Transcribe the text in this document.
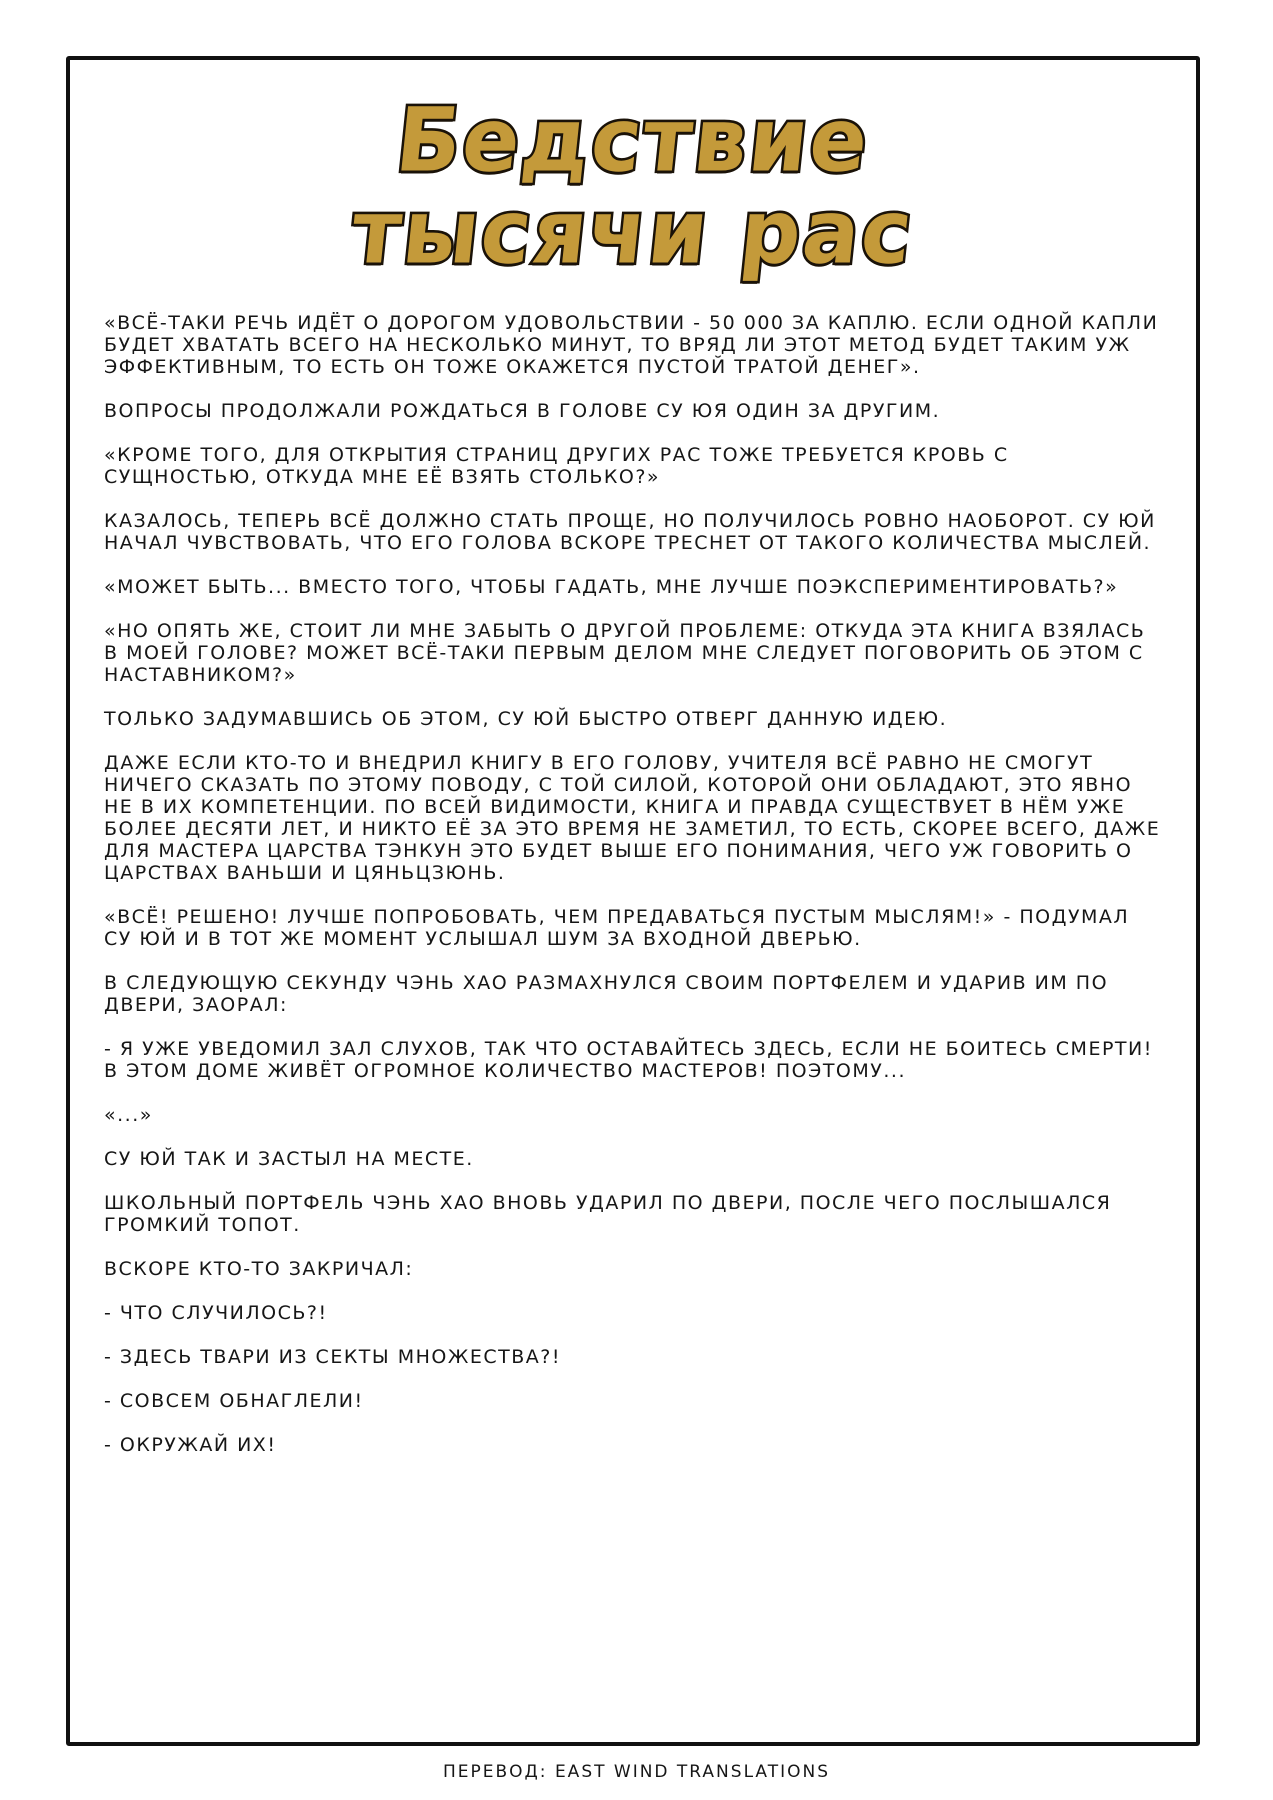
Бедствие
тысячи рас

«ВСЁ-ТАКИ РЕЧЬ ИДЁТ О ДОРОГОМ УДОВОЛЬСТВИИ - 50 000 ЗА КАПЛЮ. ЕСЛИ ОДНОЙ КАПЛИ БУДЕТ ХВАТАТЬ ВСЕГО НА НЕСКОЛЬКО МИНУТ, ТО ВРЯД ЛИ ЭТОТ МЕТОД БУДЕТ ТАКИМ УЖ ЭФФЕКТИВНЫМ, ТО ЕСТЬ ОН ТОЖЕ ОКАЖЕТСЯ ПУСТОЙ ТРАТОЙ ДЕНЕГ».

ВОПРОСЫ ПРОДОЛЖАЛИ РОЖДАТЬСЯ В ГОЛОВЕ СУ ЮЯ ОДИН ЗА ДРУГИМ.

«КРОМЕ ТОГО, ДЛЯ ОТКРЫТИЯ СТРАНИЦ ДРУГИХ РАС ТОЖЕ ТРЕБУЕТСЯ КРОВЬ С СУЩНОСТЬЮ, ОТКУДА МНЕ ЕЁ ВЗЯТЬ СТОЛЬКО?»

КАЗАЛОСЬ, ТЕПЕРЬ ВСЁ ДОЛЖНО СТАТЬ ПРОЩЕ, НО ПОЛУЧИЛОСЬ РОВНО НАОБОРОТ. СУ ЮЙ НАЧАЛ ЧУВСТВОВАТЬ, ЧТО ЕГО ГОЛОВА ВСКОРЕ ТРЕСНЕТ ОТ ТАКОГО КОЛИЧЕСТВА МЫСЛЕЙ.

«МОЖЕТ БЫТЬ... ВМЕСТО ТОГО, ЧТОБЫ ГАДАТЬ, МНЕ ЛУЧШЕ ПОЭКСПЕРИМЕНТИРОВАТЬ?»

«НО ОПЯТЬ ЖЕ, СТОИТ ЛИ МНЕ ЗАБЫТЬ О ДРУГОЙ ПРОБЛЕМЕ: ОТКУДА ЭТА КНИГА ВЗЯЛАСЬ В МОЕЙ ГОЛОВЕ? МОЖЕТ ВСЁ-ТАКИ ПЕРВЫМ ДЕЛОМ МНЕ СЛЕДУЕТ ПОГОВОРИТЬ ОБ ЭТОМ С НАСТАВНИКОМ?»

ТОЛЬКО ЗАДУМАВШИСЬ ОБ ЭТОМ, СУ ЮЙ БЫСТРО ОТВЕРГ ДАННУЮ ИДЕЮ.

ДАЖЕ ЕСЛИ КТО-ТО И ВНЕДРИЛ КНИГУ В ЕГО ГОЛОВУ, УЧИТЕЛЯ ВСЁ РАВНО НЕ СМОГУТ НИЧЕГО СКАЗАТЬ ПО ЭТОМУ ПОВОДУ, С ТОЙ СИЛОЙ, КОТОРОЙ ОНИ ОБЛАДАЮТ, ЭТО ЯВНО НЕ В ИХ КОМПЕТЕНЦИИ. ПО ВСЕЙ ВИДИМОСТИ, КНИГА И ПРАВДА СУЩЕСТВУЕТ В НЁМ УЖЕ БОЛЕЕ ДЕСЯТИ ЛЕТ, И НИКТО ЕЁ ЗА ЭТО ВРЕМЯ НЕ ЗАМЕТИЛ, ТО ЕСТЬ, СКОРЕЕ ВСЕГО, ДАЖЕ ДЛЯ МАСТЕРА ЦАРСТВА ТЭНКУН ЭТО БУДЕТ ВЫШЕ ЕГО ПОНИМАНИЯ, ЧЕГО УЖ ГОВОРИТЬ О ЦАРСТВАХ ВАНЬШИ И ЦЯНЬЦЗЮНЬ.

«ВСЁ! РЕШЕНО! ЛУЧШЕ ПОПРОБОВАТЬ, ЧЕМ ПРЕДАВАТЬСЯ ПУСТЫМ МЫСЛЯМ!» - ПОДУМАЛ СУ ЮЙ И В ТОТ ЖЕ МОМЕНТ УСЛЫШАЛ ШУМ ЗА ВХОДНОЙ ДВЕРЬЮ.

В СЛЕДУЮЩУЮ СЕКУНДУ ЧЭНЬ ХАО РАЗМАХНУЛСЯ СВОИМ ПОРТФЕЛЕМ И УДАРИВ ИМ ПО ДВЕРИ, ЗАОРАЛ:

- Я УЖЕ УВЕДОМИЛ ЗАЛ СЛУХОВ, ТАК ЧТО ОСТАВАЙТЕСЬ ЗДЕСЬ, ЕСЛИ НЕ БОИТЕСЬ СМЕРТИ! В ЭТОМ ДОМЕ ЖИВЁТ ОГРОМНОЕ КОЛИЧЕСТВО МАСТЕРОВ! ПОЭТОМУ...

«...»

СУ ЮЙ ТАК И ЗАСТЫЛ НА МЕСТЕ.

ШКОЛЬНЫЙ ПОРТФЕЛЬ ЧЭНЬ ХАО ВНОВЬ УДАРИЛ ПО ДВЕРИ, ПОСЛЕ ЧЕГО ПОСЛЫШАЛСЯ ГРОМКИЙ ТОПОТ.

ВСКОРЕ КТО-ТО ЗАКРИЧАЛ:

- ЧТО СЛУЧИЛОСЬ?!

- ЗДЕСЬ ТВАРИ ИЗ СЕКТЫ МНОЖЕСТВА?!

- СОВСЕМ ОБНАГЛЕЛИ!

- ОКРУЖАЙ ИХ!

ПЕРЕВОД: EAST WIND TRANSLATIONS
